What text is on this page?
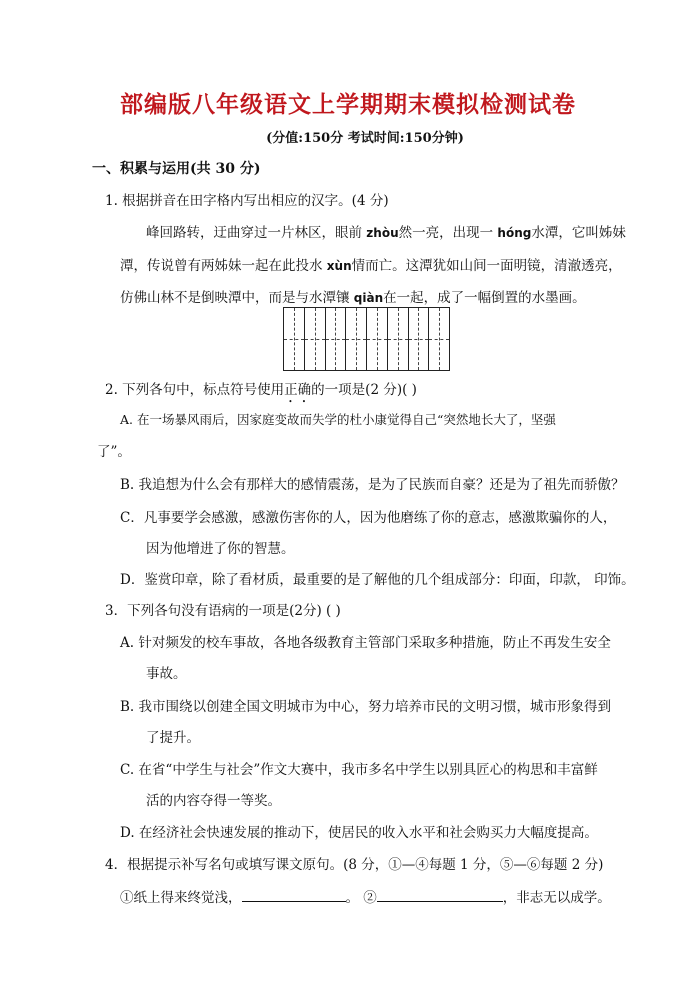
部编版八年级语文上学期期末模拟检测试卷
(分值:150分 考试时间:150分钟)
一、积累与运用(共 30 分)
1. 根据拼音在田字格内写出相应的汉字。(4 分)
峰回路转，迂曲穿过一片林区，眼前 zhòu然一亮，出现一 hóng水潭，它叫姊妹
潭，传说曾有两姊妹一起在此投水 xùn情而亡。这潭犹如山间一面明镜，清澈透亮，
仿佛山林不是倒映潭中，而是与水潭镶 qiàn在一起，成了一幅倒置的水墨画。
2. 下列各句中，标点符号使用正确的一项是(2 分)( )
A. 在一场暴风雨后，因家庭变故而失学的杜小康觉得自己“突然地长大了，坚强
了”。
B. 我追想为什么会有那样大的感情震荡，是为了民族而自豪？还是为了祖先而骄傲？
C．凡事要学会感激，感激伤害你的人，因为他磨练了你的意志，感激欺骗你的人，
因为他增进了你的智慧。
D．鉴赏印章，除了看材质，最重要的是了解他的几个组成部分：印面，印款， 印饰。
3．下列各句没有语病的一项是(2分) ( )
A. 针对频发的校车事故，各地各级教育主管部门采取多种措施，防止不再发生安全
事故。
B. 我市围绕以创建全国文明城市为中心，努力培养市民的文明习惯，城市形象得到
了提升。
C. 在省“中学生与社会”作文大赛中，我市多名中学生以别具匠心的构思和丰富鲜
活的内容夺得一等奖。
D. 在经济社会快速发展的推动下，使居民的收入水平和社会购买力大幅度提高。
4．根据提示补写名句或填写课文原句。(8 分，①—④每题 1 分，⑤—⑥每题 2 分)
①纸上得来终觉浅，	。 ②	，非志无以成学。
